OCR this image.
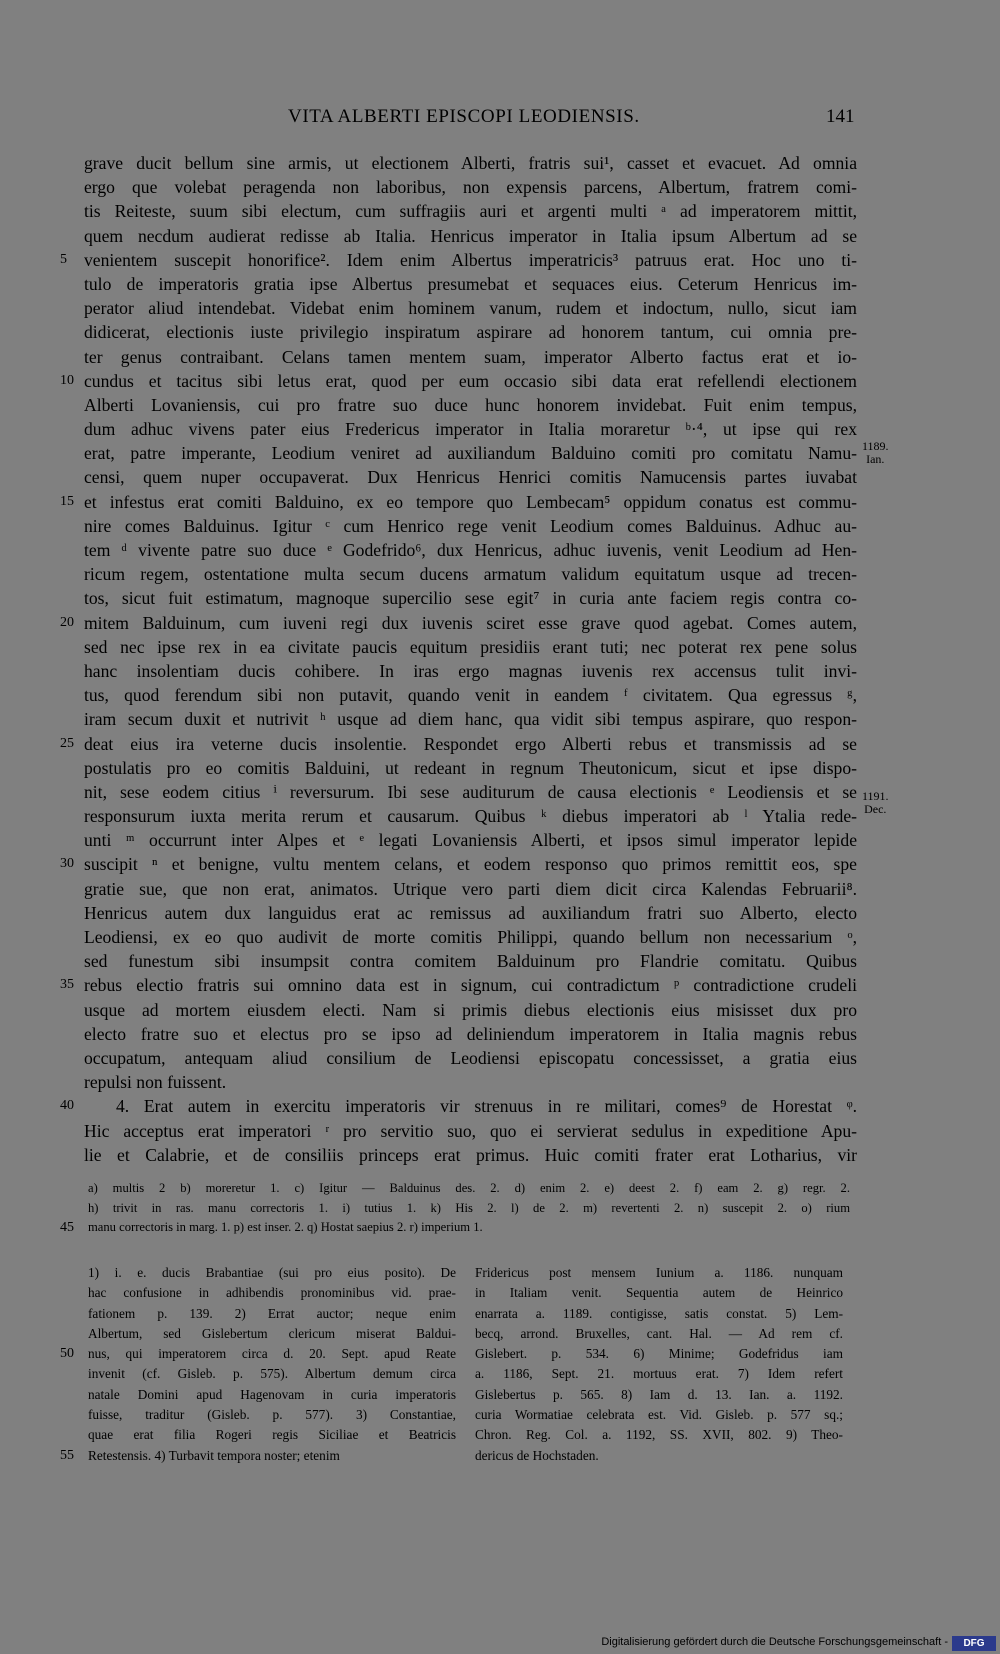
VITA ALBERTI EPISCOPI LEODIENSIS.	141
grave ducit bellum sine armis, ut electionem Alberti, fratris sui¹, casset et evacuet. Ad omnia
ergo que volebat peragenda non laboribus, non expensis parcens, Albertum, fratrem comi-
tis Reiteste, suum sibi electum, cum suffragiis auri et argenti multi ᵃ ad imperatorem mittit,
quem necdum audierat redisse ab Italia. Henricus imperator in Italia ipsum Albertum ad se
venientem suscepit honorifice². Idem enim Albertus imperatricis³ patruus erat. Hoc uno ti-
5
tulo de imperatoris gratia ipse Albertus presumebat et sequaces eius. Ceterum Henricus im-
perator aliud intendebat. Videbat enim hominem vanum, rudem et indoctum, nullo, sicut iam
didicerat, electionis iuste privilegio inspiratum aspirare ad honorem tantum, cui omnia pre-
ter genus contraibant. Celans tamen mentem suam, imperator Alberto factus erat et io-
cundus et tacitus sibi letus erat, quod per eum occasio sibi data erat refellendi electionem
10
Alberti Lovaniensis, cui pro fratre suo duce hunc honorem invidebat. Fuit enim tempus,
dum adhuc vivens pater eius Fredericus imperator in Italia moraretur ᵇ·⁴, ut ipse qui rex
erat, patre imperante, Leodium veniret ad auxiliandum Balduino comiti pro comitatu Namu-
censi, quem nuper occupaverat. Dux Henricus Henrici comitis Namucensis partes iuvabat
et infestus erat comiti Balduino, ex eo tempore quo Lembecam⁵ oppidum conatus est commu-
15
nire comes Balduinus. Igitur ᶜ cum Henrico rege venit Leodium comes Balduinus. Adhuc au-
tem ᵈ vivente patre suo duce ᵉ Godefrido⁶, dux Henricus, adhuc iuvenis, venit Leodium ad Hen-
ricum regem, ostentatione multa secum ducens armatum validum equitatum usque ad trecen-
tos, sicut fuit estimatum, magnoque supercilio sese egit⁷ in curia ante faciem regis contra co-
mitem Balduinum, cum iuveni regi dux iuvenis sciret esse grave quod agebat. Comes autem,
20
sed nec ipse rex in ea civitate paucis equitum presidiis erant tuti; nec poterat rex pene solus
hanc insolentiam ducis cohibere. In iras ergo magnas iuvenis rex accensus tulit invi-
tus, quod ferendum sibi non putavit, quando venit in eandem ᶠ civitatem. Qua egressus ᵍ,
iram secum duxit et nutrivit ʰ usque ad diem hanc, qua vidit sibi tempus aspirare, quo respon-
deat eius ira veterne ducis insolentie. Respondet ergo Alberti rebus et transmissis ad se
25
postulatis pro eo comitis Balduini, ut redeant in regnum Theutonicum, sicut et ipse dispo-
nit, sese eodem citius ⁱ reversurum. Ibi sese auditurum de causa electionis ᵉ Leodiensis et se
responsurum iuxta merita rerum et causarum. Quibus ᵏ diebus imperatori ab ˡ Ytalia rede-
unti ᵐ occurrunt inter Alpes et ᵉ legati Lovaniensis Alberti, et ipsos simul imperator lepide
suscipit ⁿ et benigne, vultu mentem celans, et eodem responso quo primos remittit eos, spe
30
gratie sue, que non erat, animatos. Utrique vero parti diem dicit circa Kalendas Februarii⁸.
Henricus autem dux languidus erat ac remissus ad auxiliandum fratri suo Alberto, electo
Leodiensi, ex eo quo audivit de morte comitis Philippi, quando bellum non necessarium ᵒ,
sed funestum sibi insumpsit contra comitem Balduinum pro Flandrie comitatu. Quibus
rebus electio fratris sui omnino data est in signum, cui contradictum ᵖ contradictione crudeli
35
usque ad mortem eiusdem electi. Nam si primis diebus electionis eius misisset dux pro
electo fratre suo et electus pro se ipso ad deliniendum imperatorem in Italia magnis rebus
occupatum, antequam aliud consilium de Leodiensi episcopatu concessisset, a gratia eius
repulsi non fuissent.
4. Erat autem in exercitu imperatoris vir strenuus in re militari, comes⁹ de Horestat ᵠ.
40
Hic acceptus erat imperatori ʳ pro servitio suo, quo ei servierat sedulus in expeditione Apu-
lie et Calabrie, et de consiliis princeps erat primus. Huic comiti frater erat Lotharius, vir
1189.
Ian.
1191.
Dec.
a) multis 2 b) moreretur 1. c) Igitur — Balduinus des. 2. d) enim 2. e) deest 2. f) eam 2. g) regr. 2.
h) trivit in ras. manu correctoris 1. i) tutius 1. k) His 2. l) de 2. m) revertenti 2. n) suscepit 2. o) rium
manu correctoris in marg. 1. p) est inser. 2. q) Hostat saepius 2. r) imperium 1.
45
1) i. e. ducis Brabantiae (sui pro eius posito). De
hac confusione in adhibendis pronominibus vid. prae-
fationem p. 139. 2) Errat auctor; neque enim
Albertum, sed Gislebertum clericum miserat Baldui-
nus, qui imperatorem circa d. 20. Sept. apud Reate
50
invenit (cf. Gisleb. p. 575). Albertum demum circa
natale Domini apud Hagenovam in curia imperatoris
fuisse, traditur (Gisleb. p. 577). 3) Constantiae,
quae erat filia Rogeri regis Siciliae et Beatricis
Retestensis. 4) Turbavit tempora noster; etenim
55
Fridericus post mensem Iunium a. 1186. nunquam
in Italiam venit. Sequentia autem de Heinrico
enarrata a. 1189. contigisse, satis constat. 5) Lem-
becq, arrond. Bruxelles, cant. Hal. — Ad rem cf.
Gislebert. p. 534. 6) Minime; Godefridus iam
a. 1186, Sept. 21. mortuus erat. 7) Idem refert
Gislebertus p. 565. 8) Iam d. 13. Ian. a. 1192.
curia Wormatiae celebrata est. Vid. Gisleb. p. 577 sq.;
Chron. Reg. Col. a. 1192, SS. XVII, 802. 9) Theo-
dericus de Hochstaden.
Digitalisierung gefördert durch die Deutsche Forschungsgemeinschaft -	DFG
